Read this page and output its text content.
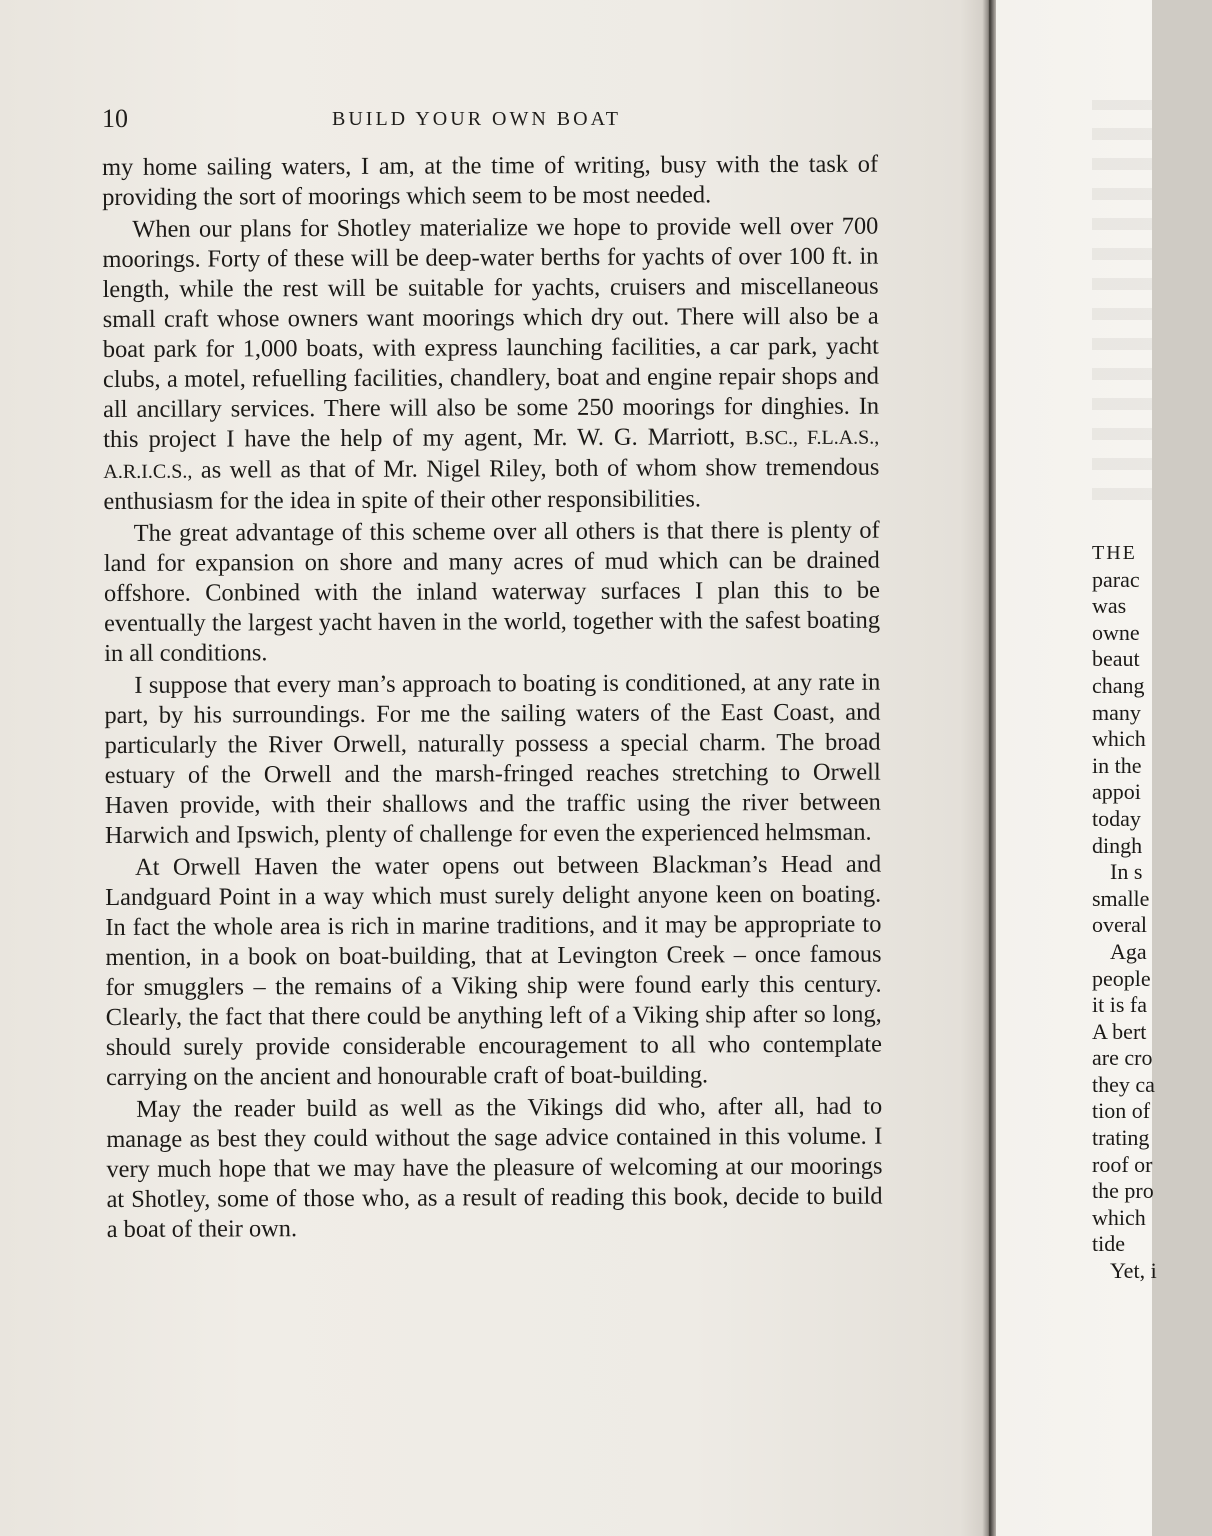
10	BUILD YOUR OWN BOAT

my home sailing waters, I am, at the time of writing, busy with the task of providing the sort of moorings which seem to be most needed.

When our plans for Shotley materialize we hope to provide well over 700 moorings. Forty of these will be deep-water berths for yachts of over 100 ft. in length, while the rest will be suitable for yachts, cruisers and miscellaneous small craft whose owners want moorings which dry out. There will also be a boat park for 1,000 boats, with express launching facilities, a car park, yacht clubs, a motel, refuelling facilities, chandlery, boat and engine repair shops and all ancillary services. There will also be some 250 moorings for dinghies. In this project I have the help of my agent, Mr. W. G. Marriott, B.SC., F.L.A.S., A.R.I.C.S., as well as that of Mr. Nigel Riley, both of whom show tremendous enthusiasm for the idea in spite of their other responsibilities.

The great advantage of this scheme over all others is that there is plenty of land for expansion on shore and many acres of mud which can be drained offshore. Conbined with the inland waterway surfaces I plan this to be eventually the largest yacht haven in the world, together with the safest boating in all conditions.

I suppose that every man’s approach to boating is conditioned, at any rate in part, by his surroundings. For me the sailing waters of the East Coast, and particularly the River Orwell, naturally possess a special charm. The broad estuary of the Orwell and the marsh-fringed reaches stretching to Orwell Haven provide, with their shallows and the traffic using the river between Harwich and Ipswich, plenty of challenge for even the experienced helmsman.

At Orwell Haven the water opens out between Blackman’s Head and Landguard Point in a way which must surely delight anyone keen on boating. In fact the whole area is rich in marine traditions, and it may be appropriate to mention, in a book on boat-building, that at Levington Creek – once famous for smugglers – the remains of a Viking ship were found early this century. Clearly, the fact that there could be anything left of a Viking ship after so long, should surely provide considerable encouragement to all who contemplate carrying on the ancient and honourable craft of boat-building.

May the reader build as well as the Vikings did who, after all, had to manage as best they could without the sage advice contained in this volume. I very much hope that we may have the pleasure of welcoming at our moorings at Shotley, some of those who, as a result of reading this book, decide to build a boat of their own.

THE
parac
was
owne
beaut
chang
many
which
in the
appoi
today
dingh
In s
smalle
overal
Aga
people
it is fa
A bert
are cro
they ca
tion of
trating
roof or
the pro
which
tide
Yet, i
